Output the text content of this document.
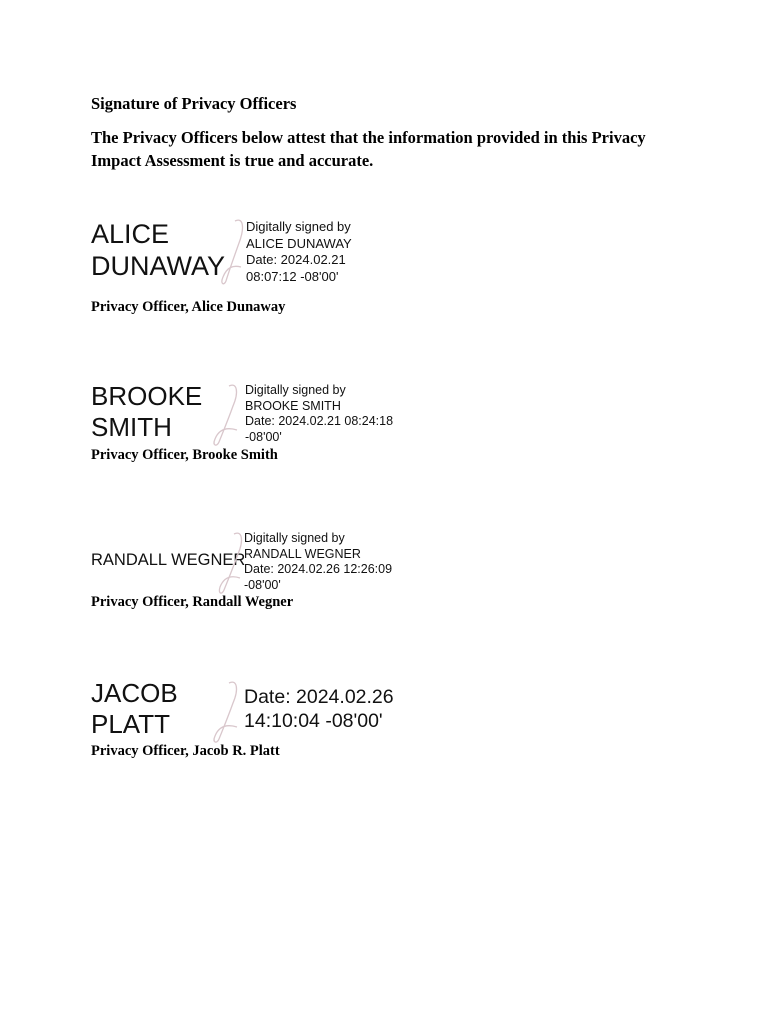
Signature of Privacy Officers

The Privacy Officers below attest that the information provided in this Privacy Impact Assessment is true and accurate.

ALICE
DUNAWAY
Digitally signed by
ALICE DUNAWAY
Date: 2024.02.21
08:07:12 -08'00'
Privacy Officer, Alice Dunaway
BROOKE
SMITH
Digitally signed by
BROOKE SMITH
Date: 2024.02.21 08:24:18
-08'00'
Privacy Officer, Brooke Smith
RANDALL WEGNER
Digitally signed by
RANDALL WEGNER
Date: 2024.02.26 12:26:09
-08'00'
Privacy Officer, Randall Wegner
JACOB
PLATT
Date: 2024.02.26
14:10:04 -08'00'
Privacy Officer, Jacob R. Platt
